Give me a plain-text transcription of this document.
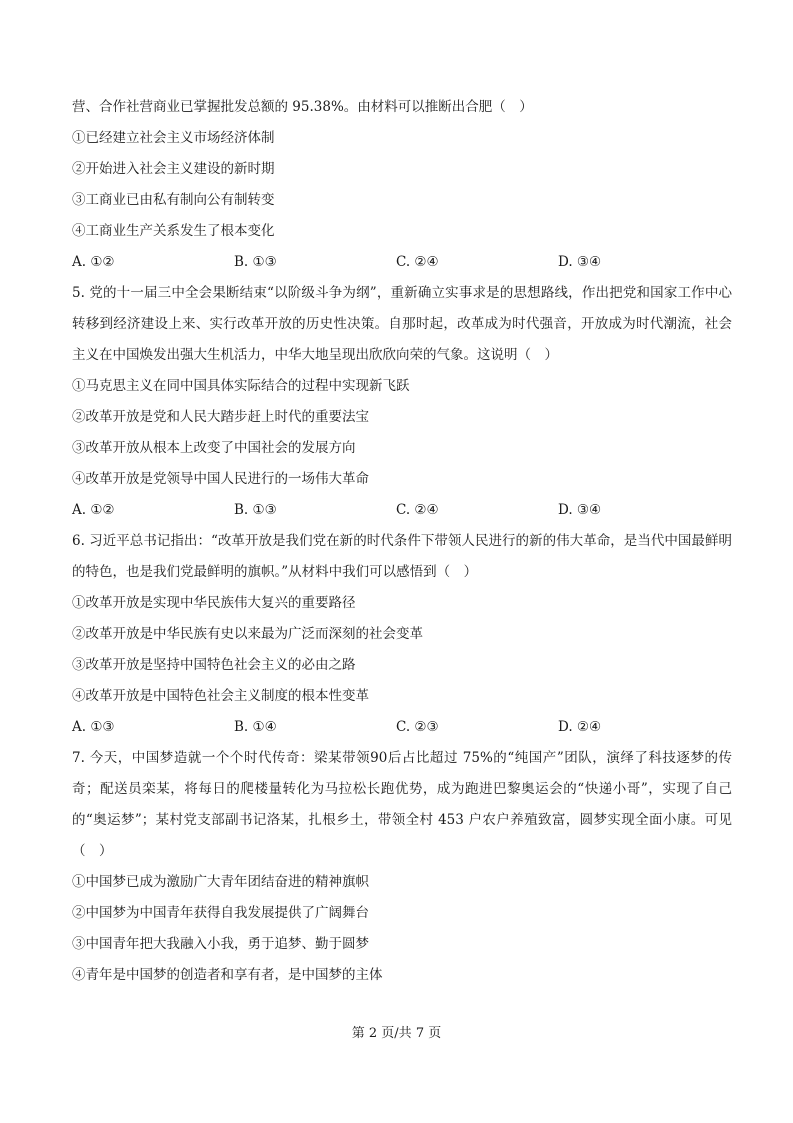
营、合作社营商业已掌握批发总额的 95.38%。由材料可以推断出合肥（　）
①已经建立社会主义市场经济体制
②开始进入社会主义建设的新时期
③工商业已由私有制向公有制转变
④工商业生产关系发生了根本变化
A. ①②	B. ①③	C. ②④	D. ③④
5. 党的十一届三中全会果断结束“以阶级斗争为纲”，重新确立实事求是的思想路线，作出把党和国家工作中心转移到经济建设上来、实行改革开放的历史性决策。自那时起，改革成为时代强音，开放成为时代潮流，社会主义在中国焕发出强大生机活力，中华大地呈现出欣欣向荣的气象。这说明（　）
①马克思主义在同中国具体实际结合的过程中实现新飞跃
②改革开放是党和人民大踏步赶上时代的重要法宝
③改革开放从根本上改变了中国社会的发展方向
④改革开放是党领导中国人民进行的一场伟大革命
A. ①②	B. ①③	C. ②④	D. ③④
6. 习近平总书记指出：“改革开放是我们党在新的时代条件下带领人民进行的新的伟大革命，是当代中国最鲜明的特色，也是我们党最鲜明的旗帜。”从材料中我们可以感悟到（　）
①改革开放是实现中华民族伟大复兴的重要路径
②改革开放是中华民族有史以来最为广泛而深刻的社会变革
③改革开放是坚持中国特色社会主义的必由之路
④改革开放是中国特色社会主义制度的根本性变革
A. ①③	B. ①④	C. ②③	D. ②④
7. 今天，中国梦造就一个个时代传奇：梁某带领90后占比超过 75%的“纯国产”团队，演绎了科技逐梦的传奇；配送员栾某，将每日的爬楼量转化为马拉松长跑优势，成为跑进巴黎奥运会的“快递小哥”，实现了自己的“奥运梦”；某村党支部副书记洛某，扎根乡土，带领全村 453 户农户养殖致富，圆梦实现全面小康。可见（　）
①中国梦已成为激励广大青年团结奋进的精神旗帜
②中国梦为中国青年获得自我发展提供了广阔舞台
③中国青年把大我融入小我，勇于追梦、勤于圆梦
④青年是中国梦的创造者和享有者，是中国梦的主体
第 2 页/共 7 页
